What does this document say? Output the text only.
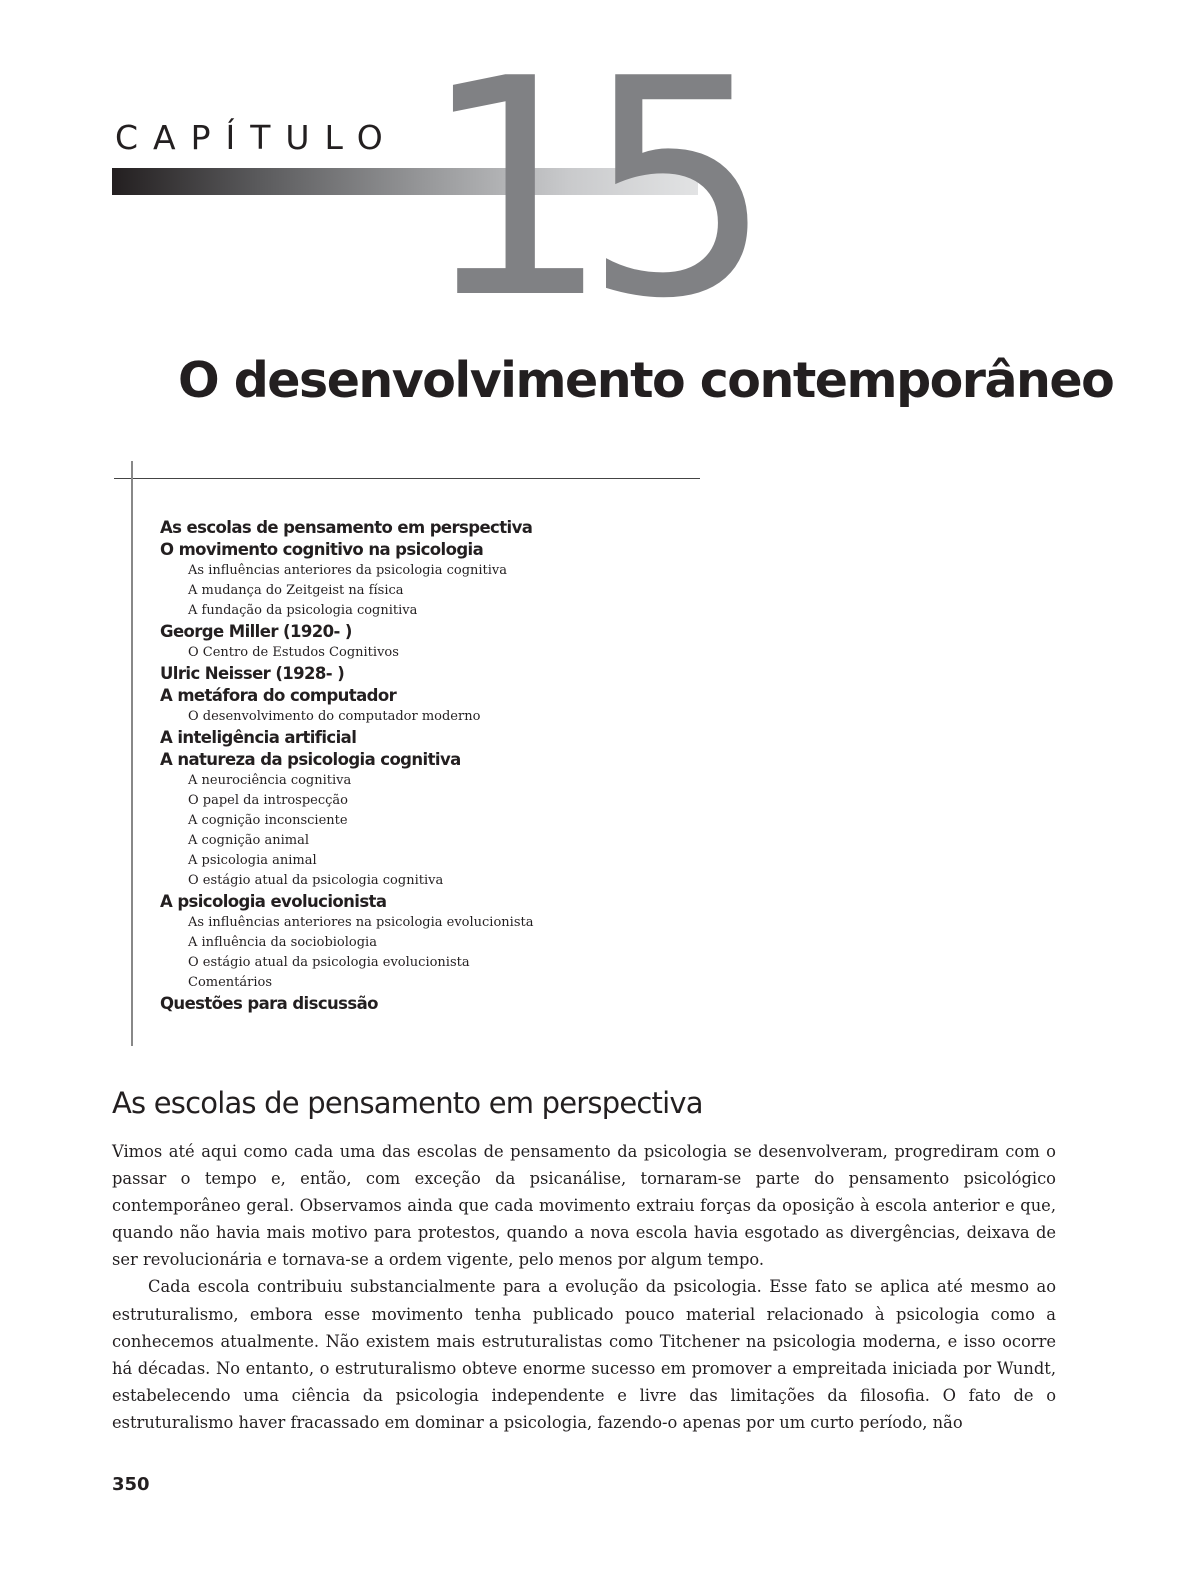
CAPÍTULO 15
O desenvolvimento contemporâneo
As escolas de pensamento em perspectiva
O movimento cognitivo na psicologia
As influências anteriores da psicologia cognitiva
A mudança do Zeitgeist na física
A fundação da psicologia cognitiva
George Miller (1920- )
O Centro de Estudos Cognitivos
Ulric Neisser (1928- )
A metáfora do computador
O desenvolvimento do computador moderno
A inteligência artificial
A natureza da psicologia cognitiva
A neurociência cognitiva
O papel da introspecção
A cognição inconsciente
A cognição animal
A psicologia animal
O estágio atual da psicologia cognitiva
A psicologia evolucionista
As influências anteriores na psicologia evolucionista
A influência da sociobiologia
O estágio atual da psicologia evolucionista
Comentários
Questões para discussão
As escolas de pensamento em perspectiva

Vimos até aqui como cada uma das escolas de pensamento da psicologia se desenvolveram, progrediram com o passar o tempo e, então, com exceção da psicanálise, tornaram-se parte do pensamento psicológico contemporâneo geral. Observamos ainda que cada movimento extraiu forças da oposição à escola anterior e que, quando não havia mais motivo para protestos, quando a nova escola havia esgotado as divergências, deixava de ser revolucionária e tornava-se a ordem vigente, pelo menos por algum tempo.

Cada escola contribuiu substancialmente para a evolução da psicologia. Esse fato se aplica até mesmo ao estruturalismo, embora esse movimento tenha publicado pouco material relacionado à psicologia como a conhecemos atualmente. Não existem mais estruturalistas como Titchener na psicologia moderna, e isso ocorre há décadas. No entanto, o estruturalismo obteve enorme sucesso em promover a empreitada iniciada por Wundt, estabelecendo uma ciência da psicologia independente e livre das limitações da filosofia. O fato de o estruturalismo haver fracassado em dominar a psicologia, fazendo-o apenas por um curto período, não

350
